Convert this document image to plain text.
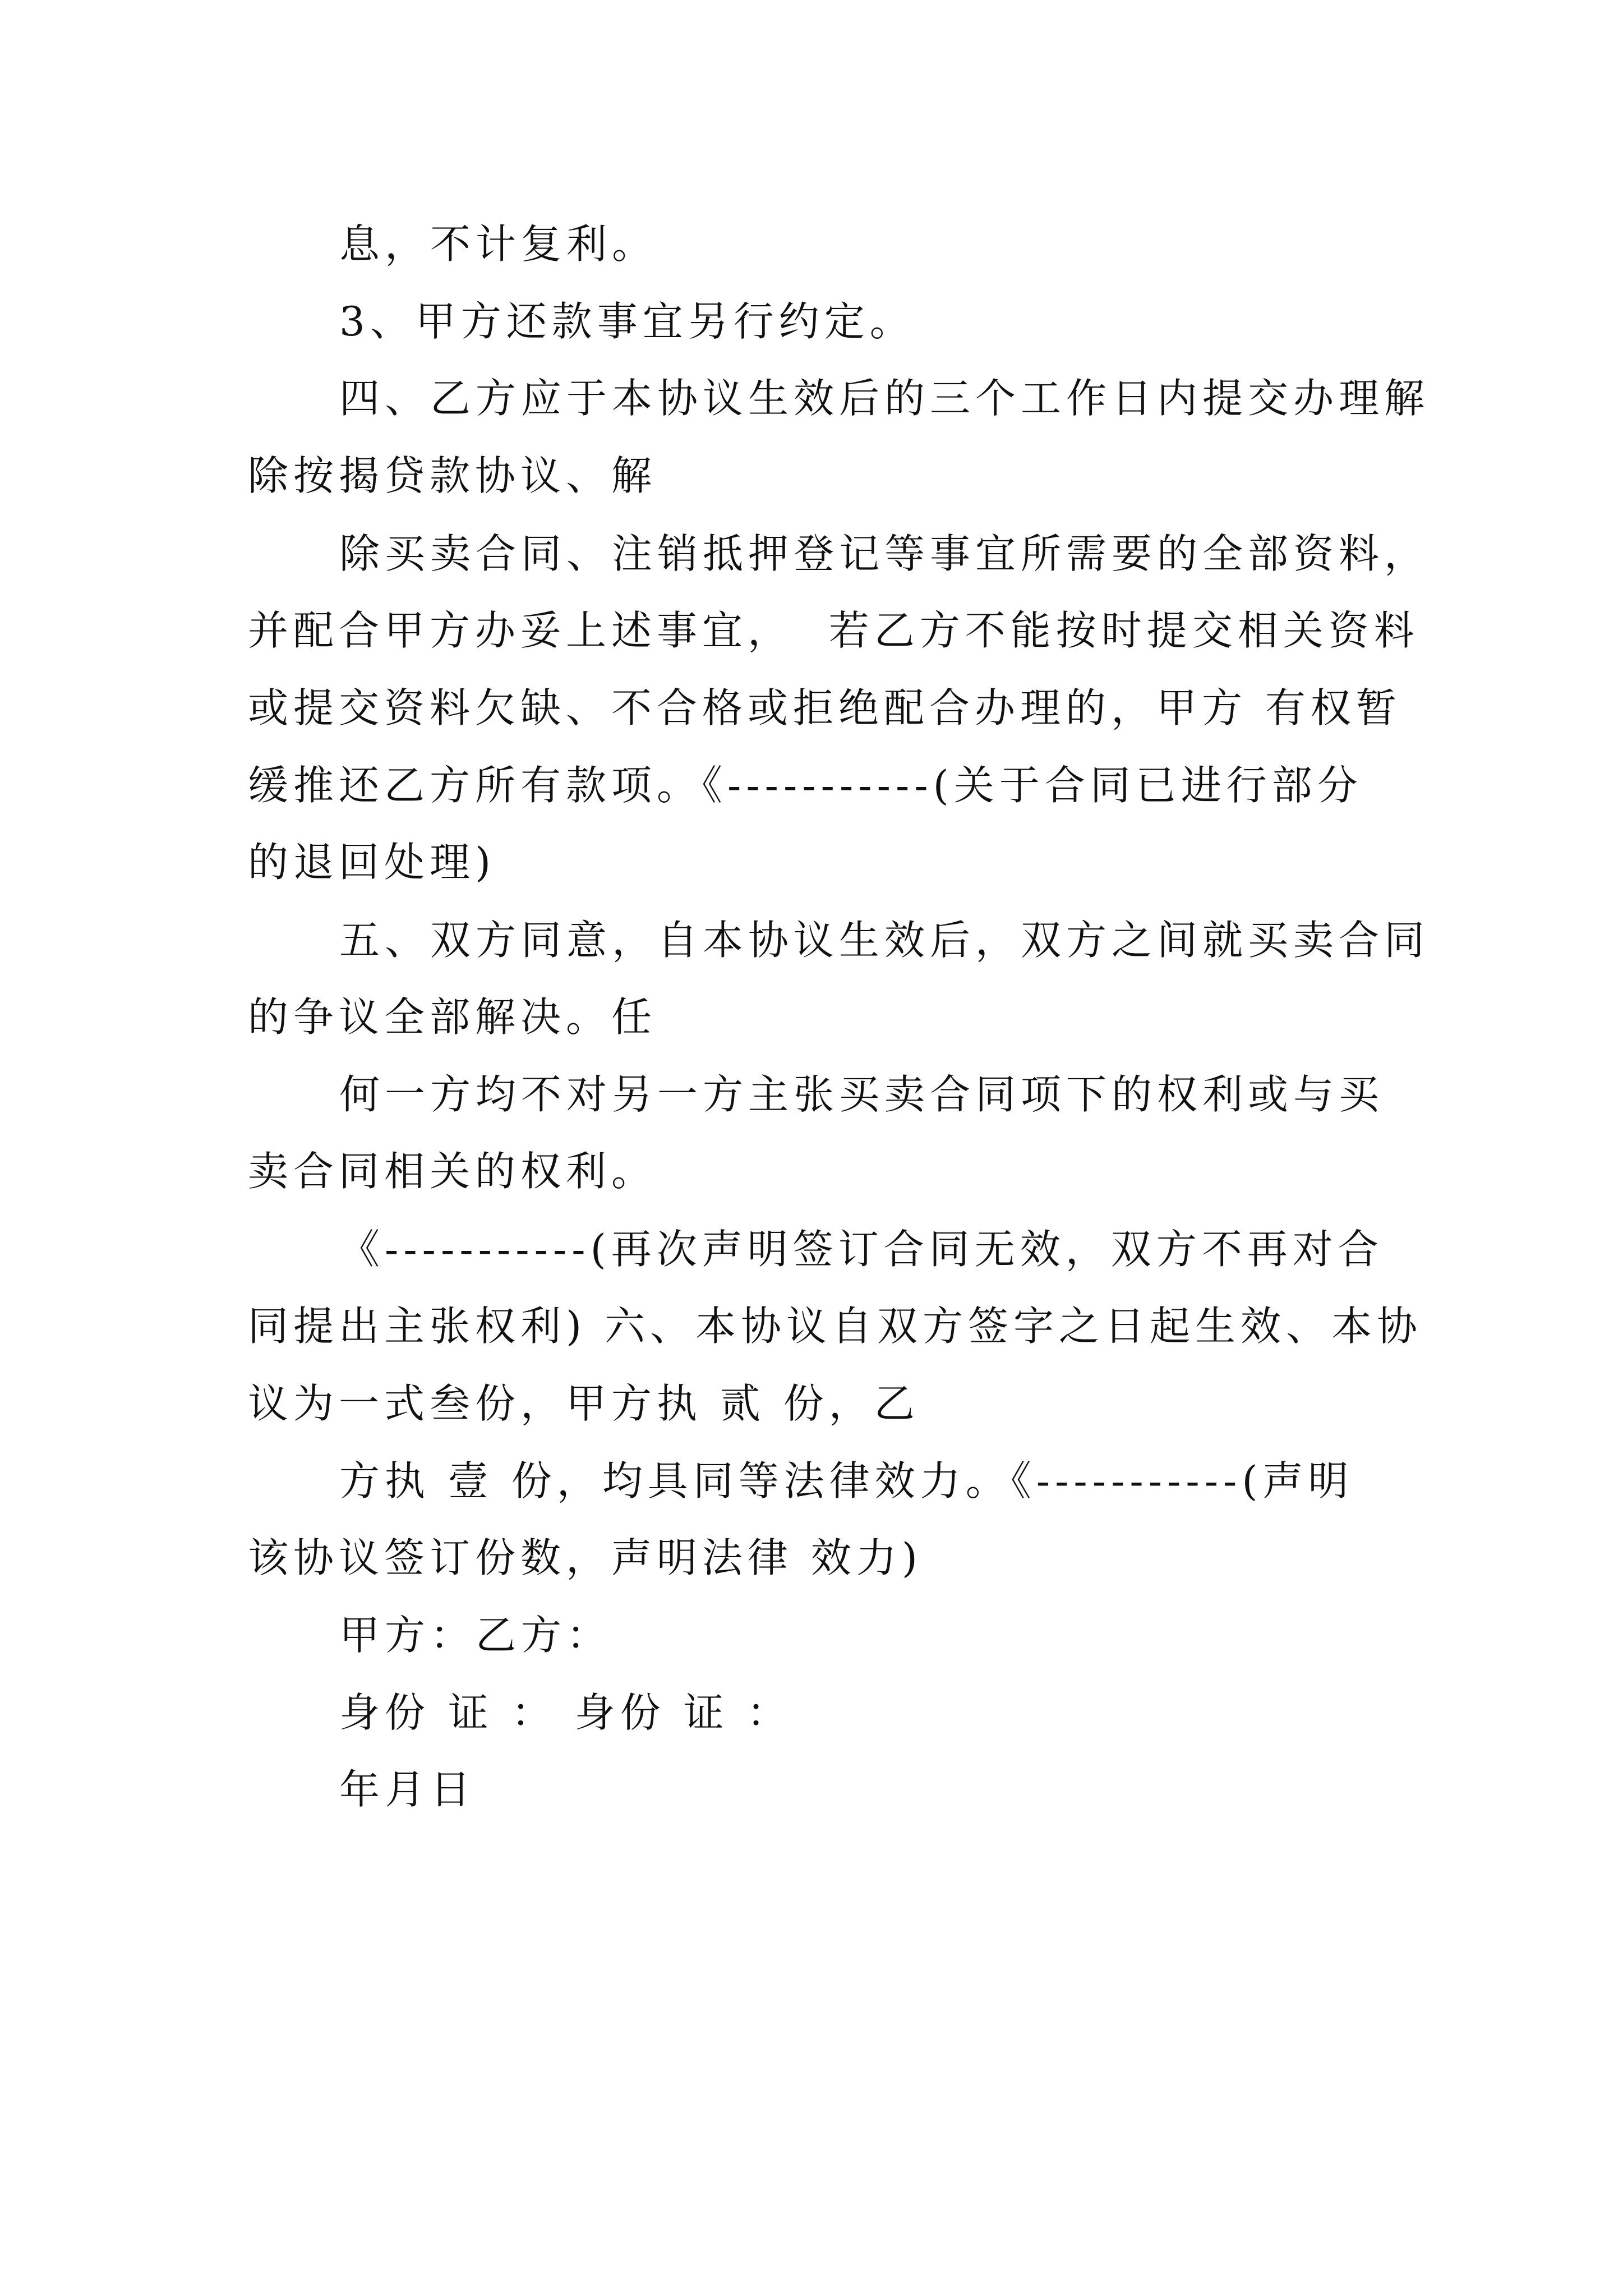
息，不计复利。
3、甲方还款事宜另行约定。
四、乙方应于本协议生效后的三个工作日内提交办理解
除按揭贷款协议、解
除买卖合同、注销抵押登记等事宜所需要的全部资料，
并配合甲方办妥上述事宜，  若乙方不能按时提交相关资料
或提交资料欠缺、不合格或拒绝配合办理的，甲方 有权暂
缓推还乙方所有款项。《-----------(关于合同已进行部分
的退回处理)
五、双方同意，自本协议生效后，双方之间就买卖合同
的争议全部解决。任
何一方均不对另一方主张买卖合同项下的权利或与买
卖合同相关的权利。
《-----------(再次声明签订合同无效，双方不再对合
同提出主张权利) 六、本协议自双方签字之日起生效、本协
议为一式叁份，甲方执 贰 份，乙
方执 壹 份，均具同等法律效力。《-----------(声明
该协议签订份数，声明法律 效力)
甲方：乙方：
身份 证 ： 身份 证 ：
年月日
